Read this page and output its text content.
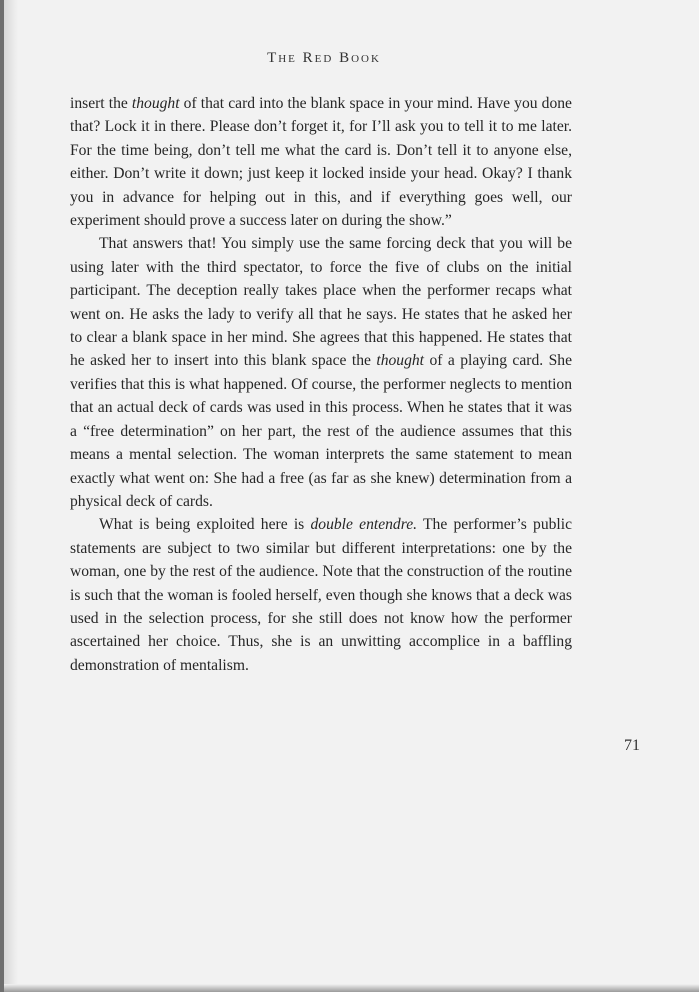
The Red Book

insert the thought of that card into the blank space in your mind. Have you done that? Lock it in there. Please don’t forget it, for I’ll ask you to tell it to me later. For the time being, don’t tell me what the card is. Don’t tell it to anyone else, either. Don’t write it down; just keep it locked inside your head. Okay? I thank you in advance for helping out in this, and if everything goes well, our experiment should prove a success later on during the show.”

That answers that! You simply use the same forcing deck that you will be using later with the third spectator, to force the five of clubs on the initial participant. The deception really takes place when the performer recaps what went on. He asks the lady to verify all that he says. He states that he asked her to clear a blank space in her mind. She agrees that this happened. He states that he asked her to insert into this blank space the thought of a playing card. She verifies that this is what happened. Of course, the performer neglects to mention that an actual deck of cards was used in this process. When he states that it was a “free determination” on her part, the rest of the audience assumes that this means a mental selection. The woman interprets the same statement to mean exactly what went on: She had a free (as far as she knew) determination from a physical deck of cards.

What is being exploited here is double entendre. The performer’s public statements are subject to two similar but different interpretations: one by the woman, one by the rest of the audience. Note that the construction of the routine is such that the woman is fooled herself, even though she knows that a deck was used in the selection process, for she still does not know how the performer ascertained her choice. Thus, she is an unwitting accomplice in a baffling demonstration of mentalism.

71
